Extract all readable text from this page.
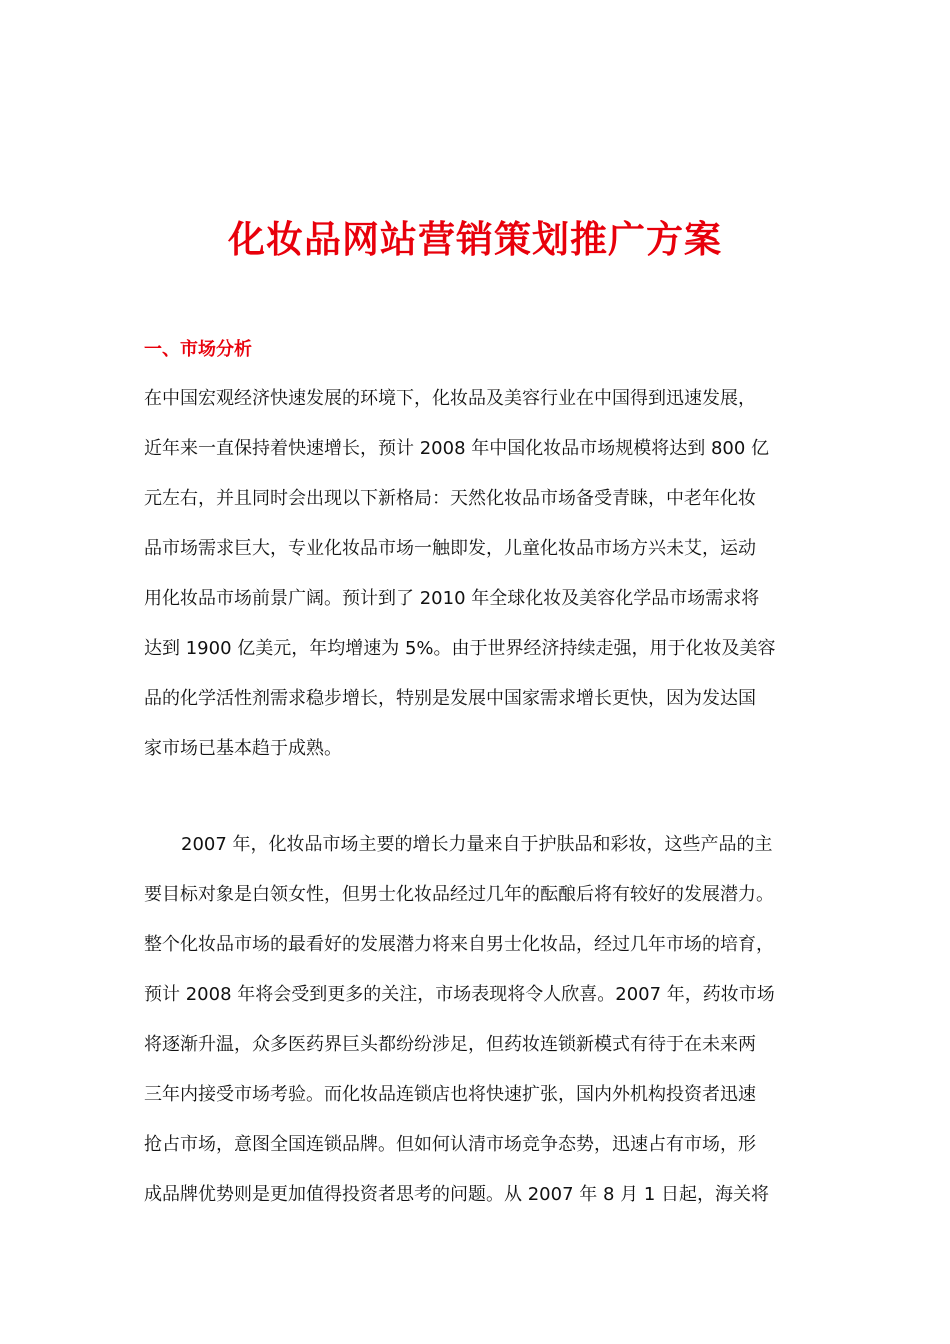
化妆品网站营销策划推广方案
一、市场分析
在中国宏观经济快速发展的环境下，化妆品及美容行业在中国得到迅速发展，
近年来一直保持着快速增长，预计 2008 年中国化妆品市场规模将达到 800 亿
元左右，并且同时会出现以下新格局：天然化妆品市场备受青睐，中老年化妆
品市场需求巨大，专业化妆品市场一触即发，儿童化妆品市场方兴未艾，运动
用化妆品市场前景广阔。预计到了 2010 年全球化妆及美容化学品市场需求将
达到 1900 亿美元，年均增速为 5%。由于世界经济持续走强，用于化妆及美容
品的化学活性剂需求稳步增长，特别是发展中国家需求增长更快，因为发达国
家市场已基本趋于成熟。
2007 年，化妆品市场主要的增长力量来自于护肤品和彩妆，这些产品的主
要目标对象是白领女性，但男士化妆品经过几年的酝酿后将有较好的发展潜力。
整个化妆品市场的最看好的发展潜力将来自男士化妆品，经过几年市场的培育，
预计 2008 年将会受到更多的关注，市场表现将令人欣喜。2007 年，药妆市场
将逐渐升温，众多医药界巨头都纷纷涉足，但药妆连锁新模式有待于在未来两
三年内接受市场考验。而化妆品连锁店也将快速扩张，国内外机构投资者迅速
抢占市场，意图全国连锁品牌。但如何认清市场竞争态势，迅速占有市场，形
成品牌优势则是更加值得投资者思考的问题。从 2007 年 8 月 1 日起，海关将
